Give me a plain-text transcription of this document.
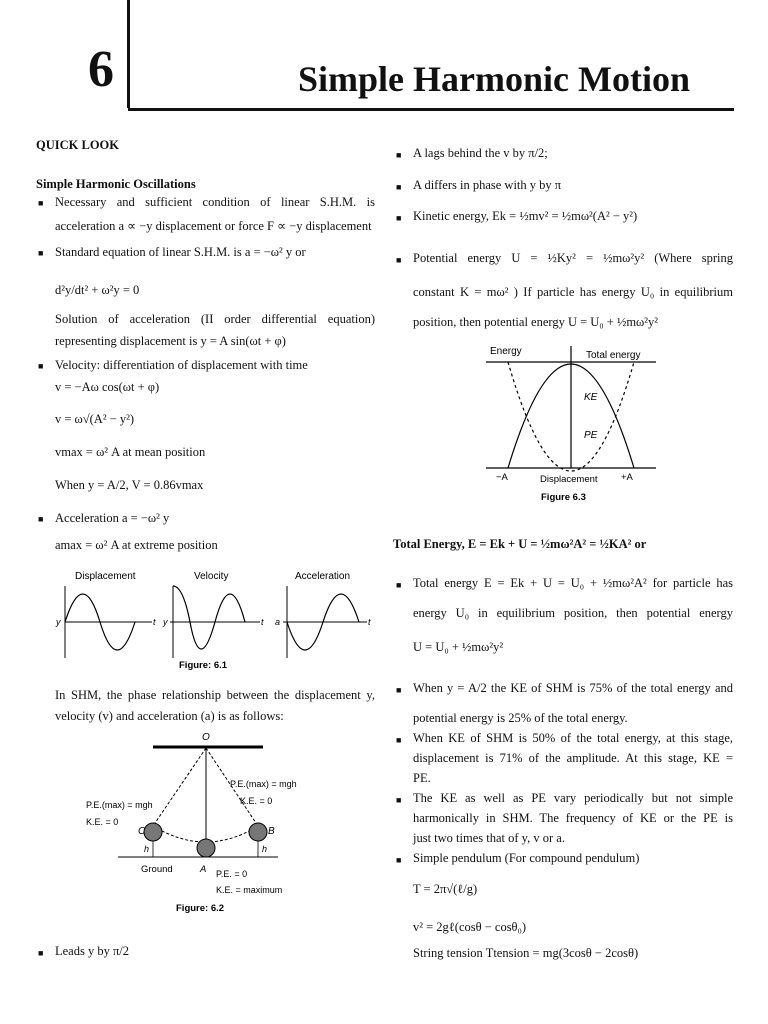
6	Simple Harmonic Motion
QUICK LOOK
Simple Harmonic Oscillations
■ Necessary and sufficient condition of linear S.H.M. is
acceleration a ∝ −y displacement or force F ∝ −y displacement
■ Standard equation of linear S.H.M. is a = −ω² y or
d²y/dt² + ω²y = 0
Solution of acceleration (II order differential equation)
representing displacement is y = A sin(ωt + φ)
■ Velocity: differentiation of displacement with time
v = −Aω cos(ωt + φ)
v = ω√(A² − y²)
vmax = ω² A at mean position
When y = A/2, V = 0.86vmax
■ Acceleration a = −ω² y
amax = ω² A at extreme position
Displacement	Velocity	Acceleration
y	t y	t a	t
Figure: 6.1
In SHM, the phase relationship between the displacement y,
velocity (v) and acceleration (a) is as follows:
O
P.E.(max) = mgh
K.E. = 0
P.E.(max) = mgh
K.E. = 0
C	B
h	h
Ground	A P.E. = 0
K.E. = maximum
Figure: 6.2
■ Leads y by π/2
■ A lags behind the v by π/2;
■ A differs in phase with y by π
■ Kinetic energy, Ek = ½mv² = ½mω²(A² − y²)
■ Potential energy U = ½Ky² = ½mω²y² (Where spring
constant K = mω² ) If particle has energy U₀ in equilibrium
position, then potential energy U = U₀ + ½mω²y²
Energy	Total energy
KE
PE
−A	Displacement +A
Figure 6.3
Total Energy, E = Ek + U = ½mω²A² = ½KA² or
■ Total energy E = Ek + U = U₀ + ½mω²A² for particle has
energy U₀ in equilibrium position, then potential energy
U = U₀ + ½mω²y²
■ When y = A/2 the KE of SHM is 75% of the total energy and
potential energy is 25% of the total energy.
■ When KE of SHM is 50% of the total energy, at this stage,
displacement is 71% of the amplitude. At this stage, KE =
PE.
■ The KE as well as PE vary periodically but not simple
harmonically in SHM. The frequency of KE or the PE is
just two times that of y, v or a.
■ Simple pendulum (For compound pendulum)
T = 2π√(ℓ/g)
v² = 2gℓ(cosθ − cosθ₀)
String tension Ttension = mg(3cosθ − 2cosθ)
